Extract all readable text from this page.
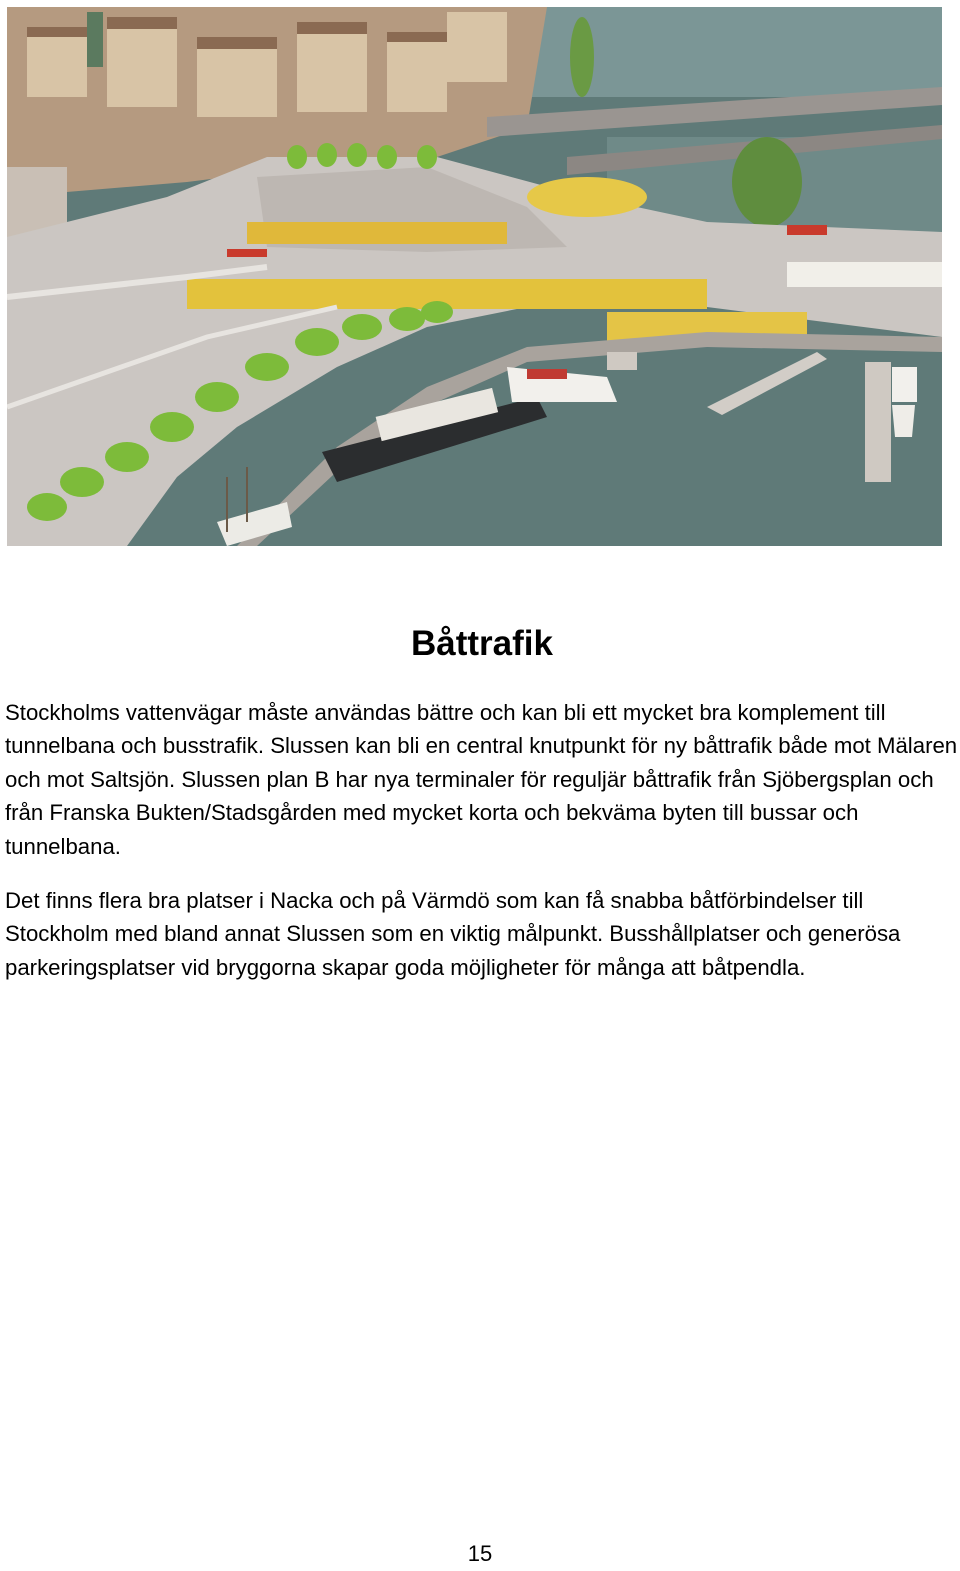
Båttrafik

Stockholms vattenvägar måste användas bättre och kan bli ett mycket bra komplement till tunnelbana och busstrafik. Slussen kan bli en central knutpunkt för ny båttrafik både mot Mälaren och mot Saltsjön. Slussen plan B har nya terminaler för reguljär båttrafik från Sjöbergsplan och från Franska Bukten/Stadsgården med mycket korta och bekväma byten till bussar och tunnelbana.

Det finns flera bra platser i Nacka och på Värmdö som kan få snabba båtförbindelser till Stockholm med bland annat Slussen som en viktig målpunkt. Busshållplatser och generösa parkeringsplatser vid bryggorna skapar goda möjligheter för många att båtpendla.

15
